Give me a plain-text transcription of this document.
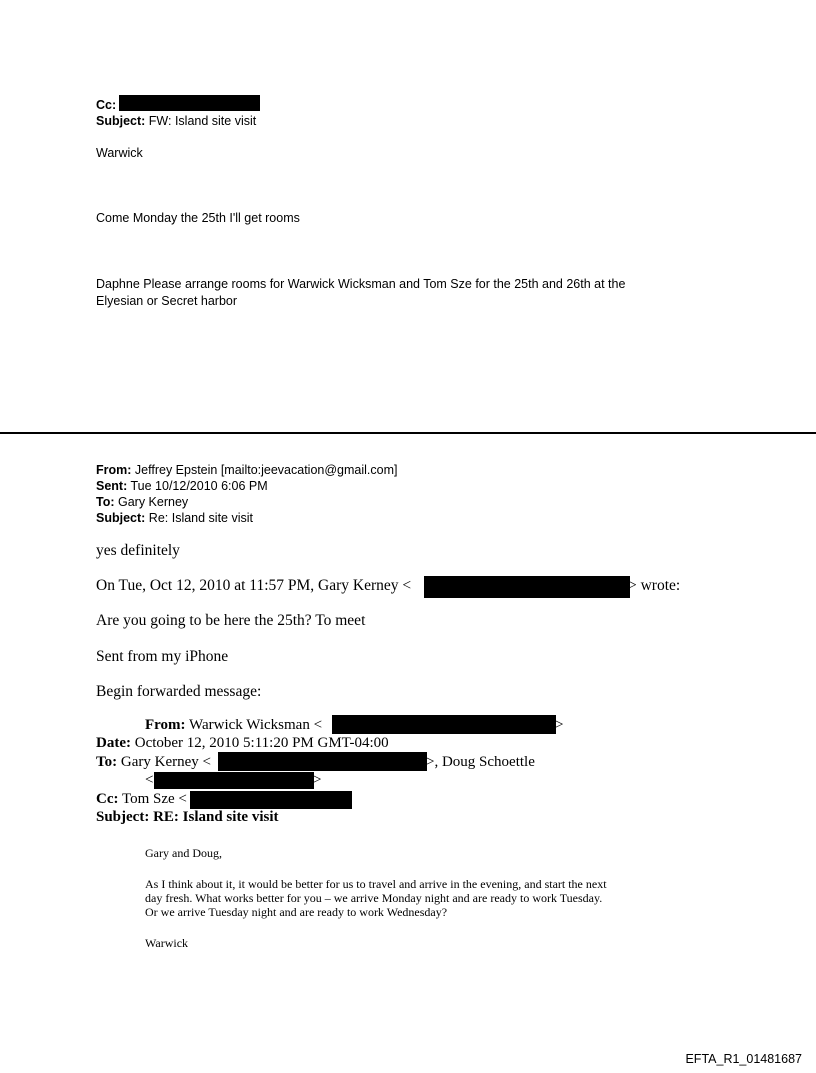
Cc:
Subject: FW: Island site visit
Warwick
Come Monday the 25th I'll get rooms
Daphne Please arrange rooms for Warwick Wicksman and Tom Sze for the 25th and 26th at the
Elyesian or Secret harbor
From: Jeffrey Epstein [mailto:jeevacation@gmail.com]
Sent: Tue 10/12/2010 6:06 PM
To: Gary Kerney
Subject: Re: Island site visit
yes definitely
On Tue, Oct 12, 2010 at 11:57 PM, Gary Kerney <	> wrote:
Are you going to be here the 25th? To meet
Sent from my iPhone
Begin forwarded message:
From: Warwick Wicksman <	>
Date: October 12, 2010 5:11:20 PM GMT-04:00
To: Gary Kerney <	>, Doug Schoettle
<	>
Cc: Tom Sze <
Subject: RE: Island site visit
Gary and Doug,
As I think about it, it would be better for us to travel and arrive in the evening, and start the next
day fresh. What works better for you – we arrive Monday night and are ready to work Tuesday.
Or we arrive Tuesday night and are ready to work Wednesday?
Warwick
EFTA_R1_01481687
